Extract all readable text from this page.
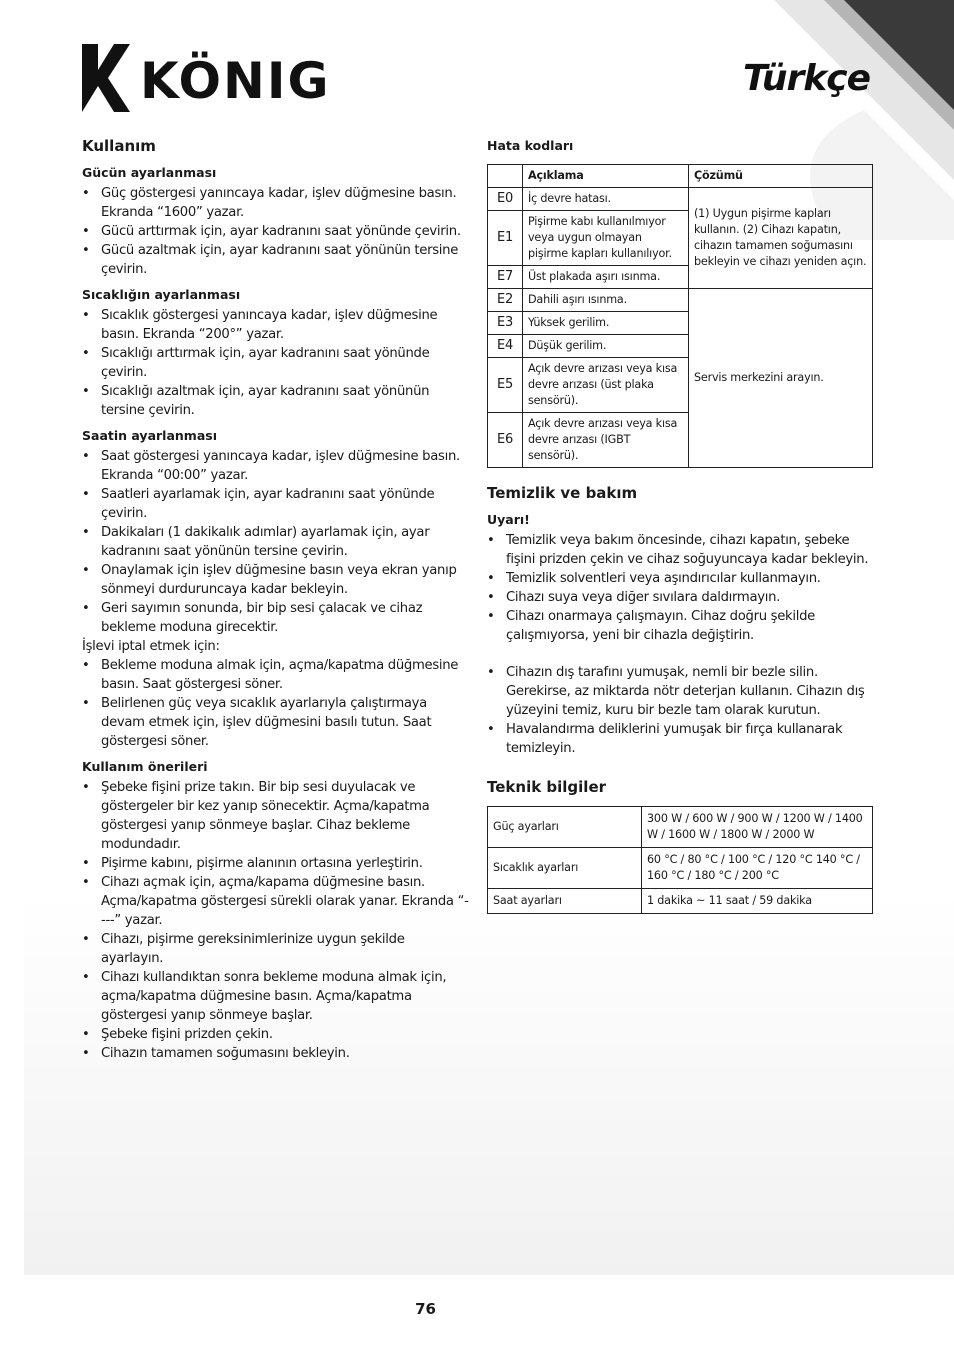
KÖNIG	Türkçe
Kullanım
Gücün ayarlanması
• Güç göstergesi yanıncaya kadar, işlev düğmesine basın. Ekranda “1600” yazar.
• Gücü arttırmak için, ayar kadranını saat yönünde çevirin.
• Gücü azaltmak için, ayar kadranını saat yönünün tersine çevirin.
Sıcaklığın ayarlanması
• Sıcaklık göstergesi yanıncaya kadar, işlev düğmesine basın. Ekranda “200°” yazar.
• Sıcaklığı arttırmak için, ayar kadranını saat yönünde çevirin.
• Sıcaklığı azaltmak için, ayar kadranını saat yönünün tersine çevirin.
Saatin ayarlanması
• Saat göstergesi yanıncaya kadar, işlev düğmesine basın. Ekranda “00:00” yazar.
• Saatleri ayarlamak için, ayar kadranını saat yönünde çevirin.
• Dakikaları (1 dakikalık adımlar) ayarlamak için, ayar kadranını saat yönünün tersine çevirin.
• Onaylamak için işlev düğmesine basın veya ekran yanıp sönmeyi durduruncaya kadar bekleyin.
• Geri sayımın sonunda, bir bip sesi çalacak ve cihaz bekleme moduna girecektir.

İşlevi iptal etmek için:

• Bekleme moduna almak için, açma/kapatma düğmesine basın. Saat göstergesi söner.
• Belirlenen güç veya sıcaklık ayarlarıyla çalıştırmaya devam etmek için, işlev düğmesini basılı tutun. Saat göstergesi söner.
Kullanım önerileri
• Şebeke fişini prize takın. Bir bip sesi duyulacak ve göstergeler bir kez yanıp sönecektir. Açma/kapatma göstergesi yanıp sönmeye başlar. Cihaz bekleme modundadır.
• Pişirme kabını, pişirme alanının ortasına yerleştirin.
• Cihazı açmak için, açma/kapama düğmesine basın. Açma/kapatma göstergesi sürekli olarak yanar. Ekranda “----” yazar.
• Cihazı, pişirme gereksinimlerinize uygun şekilde ayarlayın.
• Cihazı kullandıktan sonra bekleme moduna almak için, açma/kapatma düğmesine basın. Açma/kapatma göstergesi yanıp sönmeye başlar.
• Şebeke fişini prizden çekin.
• Cihazın tamamen soğumasını bekleyin.
Hata kodları
	Açıklama	Çözümü
E0	İç devre hatası.	(1) Uygun pişirme kapları kullanın. (2) Cihazı kapatın, cihazın tamamen soğumasını bekleyin ve cihazı yeniden açın.
E1	Pişirme kabı kullanılmıyor veya uygun olmayan pişirme kapları kullanılıyor.	
E7	Üst plakada aşırı ısınma.	
E2	Dahili aşırı ısınma.	Servis merkezini arayın.
E3	Yüksek gerilim.	
E4	Düşük gerilim.	
E5	Açık devre arızası veya kısa devre arızası (üst plaka sensörü).	
E6	Açık devre arızası veya kısa devre arızası (IGBT sensörü).	
Temizlik ve bakım
Uyarı!
• Temizlik veya bakım öncesinde, cihazı kapatın, şebeke fişini prizden çekin ve cihaz soğuyuncaya kadar bekleyin.
• Temizlik solventleri veya aşındırıcılar kullanmayın.
• Cihazı suya veya diğer sıvılara daldırmayın.
• Cihazı onarmaya çalışmayın. Cihaz doğru şekilde çalışmıyorsa, yeni bir cihazla değiştirin.
• Cihazın dış tarafını yumuşak, nemli bir bezle silin. Gerekirse, az miktarda nötr deterjan kullanın. Cihazın dış yüzeyini temiz, kuru bir bezle tam olarak kurutun.
• Havalandırma deliklerini yumuşak bir fırça kullanarak temizleyin.
Teknik bilgiler
Güç ayarları	300 W / 600 W / 900 W / 1200 W / 1400 W / 1600 W / 1800 W / 2000 W
Sıcaklık ayarları	60 °C / 80 °C / 100 °C / 120 °C 140 °C / 160 °C / 180 °C / 200 °C
Saat ayarları	1 dakika ~ 11 saat / 59 dakika
76
